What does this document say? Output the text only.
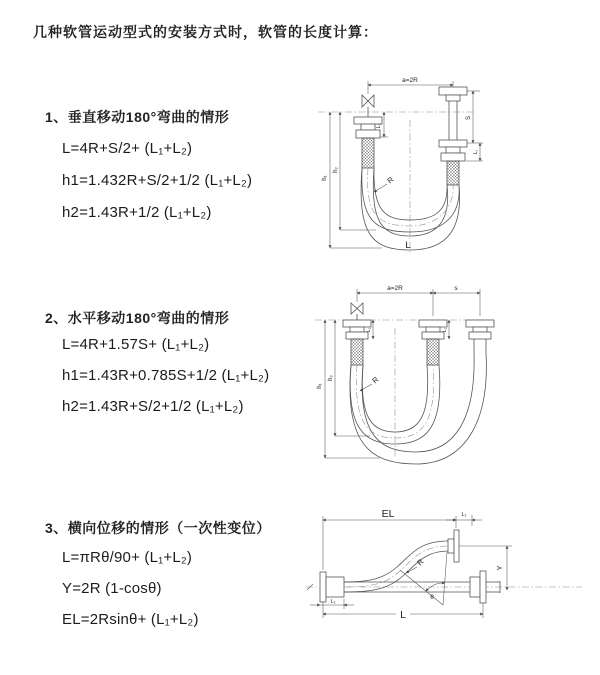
几种软管运动型式的安装方式时，软管的长度计算：
1、垂直移动180°弯曲的情形
L=4R+S/2+ (L₁+L₂)
h1=1.432R+S/2+1/2 (L₁+L₂)
h2=1.43R+1/2 (L₁+L₂)
2、水平移动180°弯曲的情形
L=4R+1.57S+ (L₁+L₂)
h1=1.43R+0.785S+1/2 (L₁+L₂)
h2=1.43R+S/2+1/2 (L₁+L₂)
3、横向位移的情形（一次性变位）
L=πRθ/90+ (L₁+L₂)
Y=2R (1-cosθ)
EL=2Rsinθ+ (L₁+L₂)
a=2R
L₁
S
L₁
h₁
h₂
R
L
a=2R	s
L₁	L₁
h₁
h₂	R
EL	L₁
Y
θ
R
L
L₁
